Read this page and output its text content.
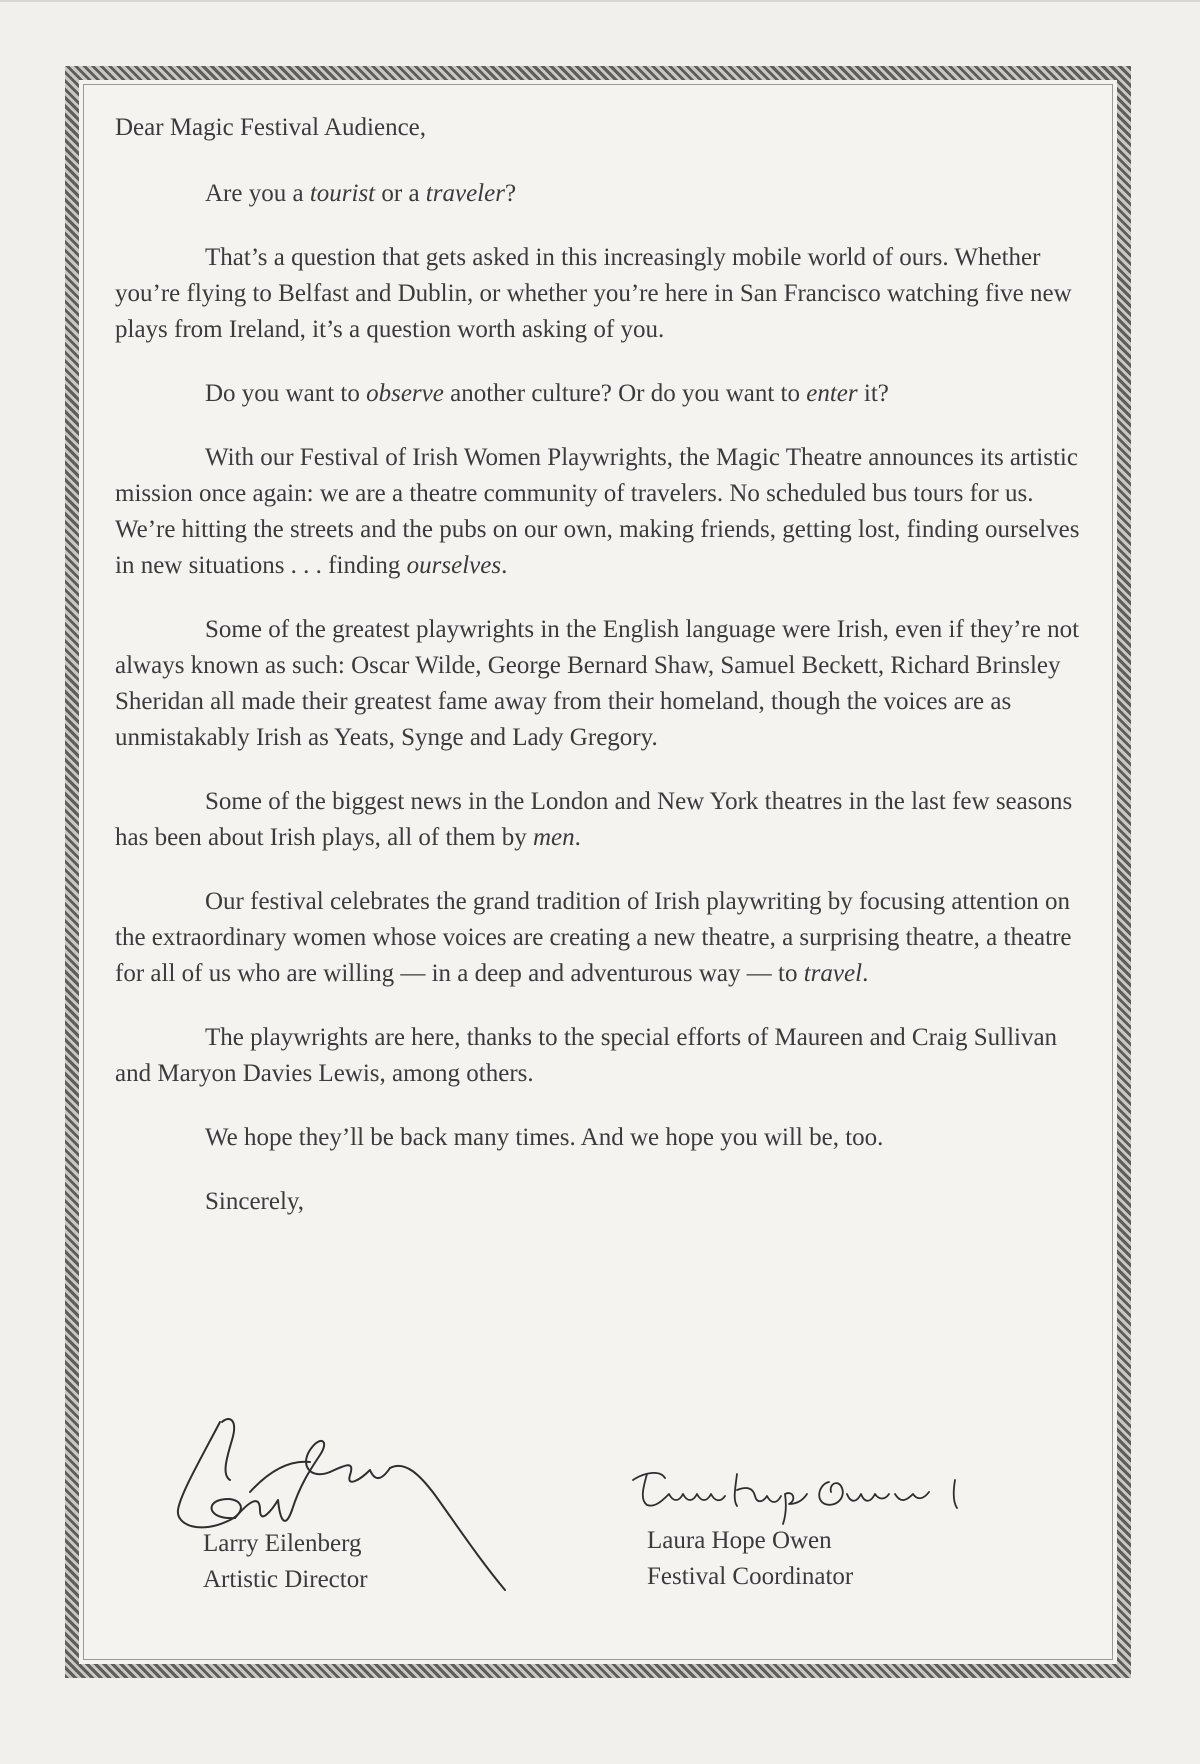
Dear Magic Festival Audience,

Are you a tourist or a traveler?

That’s a question that gets asked in this increasingly mobile world of ours. Whether you’re flying to Belfast and Dublin, or whether you’re here in San Francisco watching five new plays from Ireland, it’s a question worth asking of you.

Do you want to observe another culture? Or do you want to enter it?

With our Festival of Irish Women Playwrights, the Magic Theatre announces its artistic mission once again: we are a theatre community of travelers. No scheduled bus tours for us. We’re hitting the streets and the pubs on our own, making friends, getting lost, finding ourselves in new situations . . . finding ourselves.

Some of the greatest playwrights in the English language were Irish, even if they’re not always known as such: Oscar Wilde, George Bernard Shaw, Samuel Beckett, Richard Brinsley Sheridan all made their greatest fame away from their homeland, though the voices are as unmistakably Irish as Yeats, Synge and Lady Gregory.

Some of the biggest news in the London and New York theatres in the last few seasons has been about Irish plays, all of them by men.

Our festival celebrates the grand tradition of Irish playwriting by focusing attention on the extraordinary women whose voices are creating a new theatre, a surprising theatre, a theatre for all of us who are willing — in a deep and adventurous way — to travel.

The playwrights are here, thanks to the special efforts of Maureen and Craig Sullivan and Maryon Davies Lewis, among others.

We hope they’ll be back many times. And we hope you will be, too.

Sincerely,

Larry Eilenberg
Artistic Director
Laura Hope Owen
Festival Coordinator
